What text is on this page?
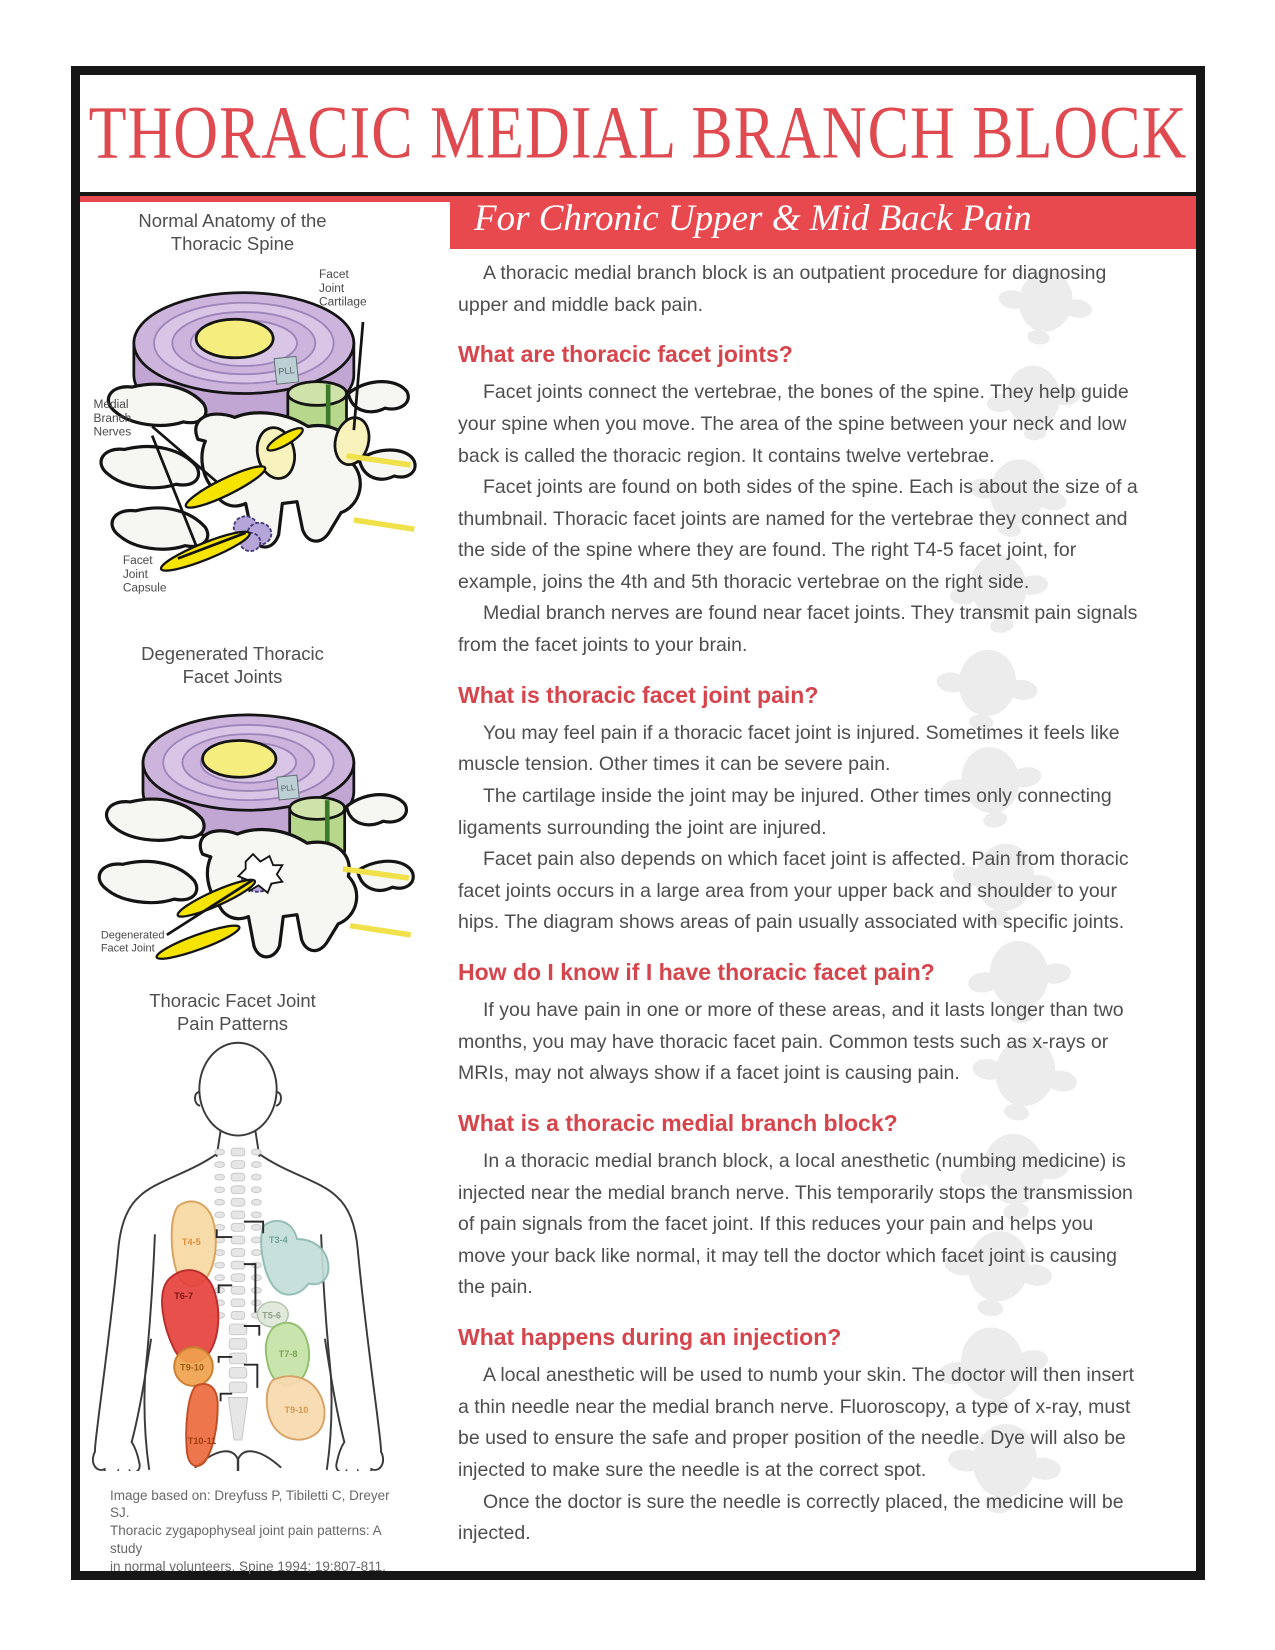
THORACIC MEDIAL BRANCH BLOCK
For Chronic Upper & Mid Back Pain

A thoracic medial branch block is an outpatient procedure for diagnosing upper and middle back pain.

What are thoracic facet joints?

Facet joints connect the vertebrae, the bones of the spine. They help guide your spine when you move. The area of the spine between your neck and low back is called the thoracic region. It contains twelve vertebrae.

Facet joints are found on both sides of the spine. Each is about the size of a thumbnail. Thoracic facet joints are named for the vertebrae they connect and the side of the spine where they are found. The right T4-5 facet joint, for example, joins the 4th and 5th thoracic vertebrae on the right side.

Medial branch nerves are found near facet joints. They transmit pain signals from the facet joints to your brain.

What is thoracic facet joint pain?

You may feel pain if a thoracic facet joint is injured. Sometimes it feels like muscle tension. Other times it can be severe pain.

The cartilage inside the joint may be injured. Other times only connecting ligaments surrounding the joint are injured.

Facet pain also depends on which facet joint is affected. Pain from thoracic facet joints occurs in a large area from your upper back and shoulder to your hips. The diagram shows areas of pain usually associated with specific joints.

How do I know if I have thoracic facet pain?

If you have pain in one or more of these areas, and it lasts longer than two months, you may have thoracic facet pain. Common tests such as x-rays or MRIs, may not always show if a facet joint is causing pain.

What is a thoracic medial branch block?

In a thoracic medial branch block, a local anesthetic (numbing medicine) is injected near the medial branch nerve. This temporarily stops the transmission of pain signals from the facet joint. If this reduces your pain and helps you move your back like normal, it may tell the doctor which facet joint is causing the pain.

What happens during an injection?

A local anesthetic will be used to numb your skin. The doctor will then insert a thin needle near the medial branch nerve. Fluoroscopy, a type of x-ray, must be used to ensure the safe and proper position of the needle. Dye will also be injected to make sure the needle is at the correct spot.

Once the doctor is sure the needle is correctly placed, the medicine will be injected.

Normal Anatomy of the
Thoracic Spine
PLL
Facet Joint Cartilage
Medial Branch Nerves
Facet Joint Capsule
Degenerated Thoracic
Facet Joints
PLL
Degenerated Facet Joint
Thoracic Facet Joint
Pain Patterns
T4-5	T3-4
T6-7
T5-6
T7-8
T9-10
T9-10
T10-11
Image based on: Dreyfuss P, Tibiletti C, Dreyer SJ.
Thoracic zygapophyseal joint pain patterns: A study
in normal volunteers. Spine 1994; 19:807-811.
